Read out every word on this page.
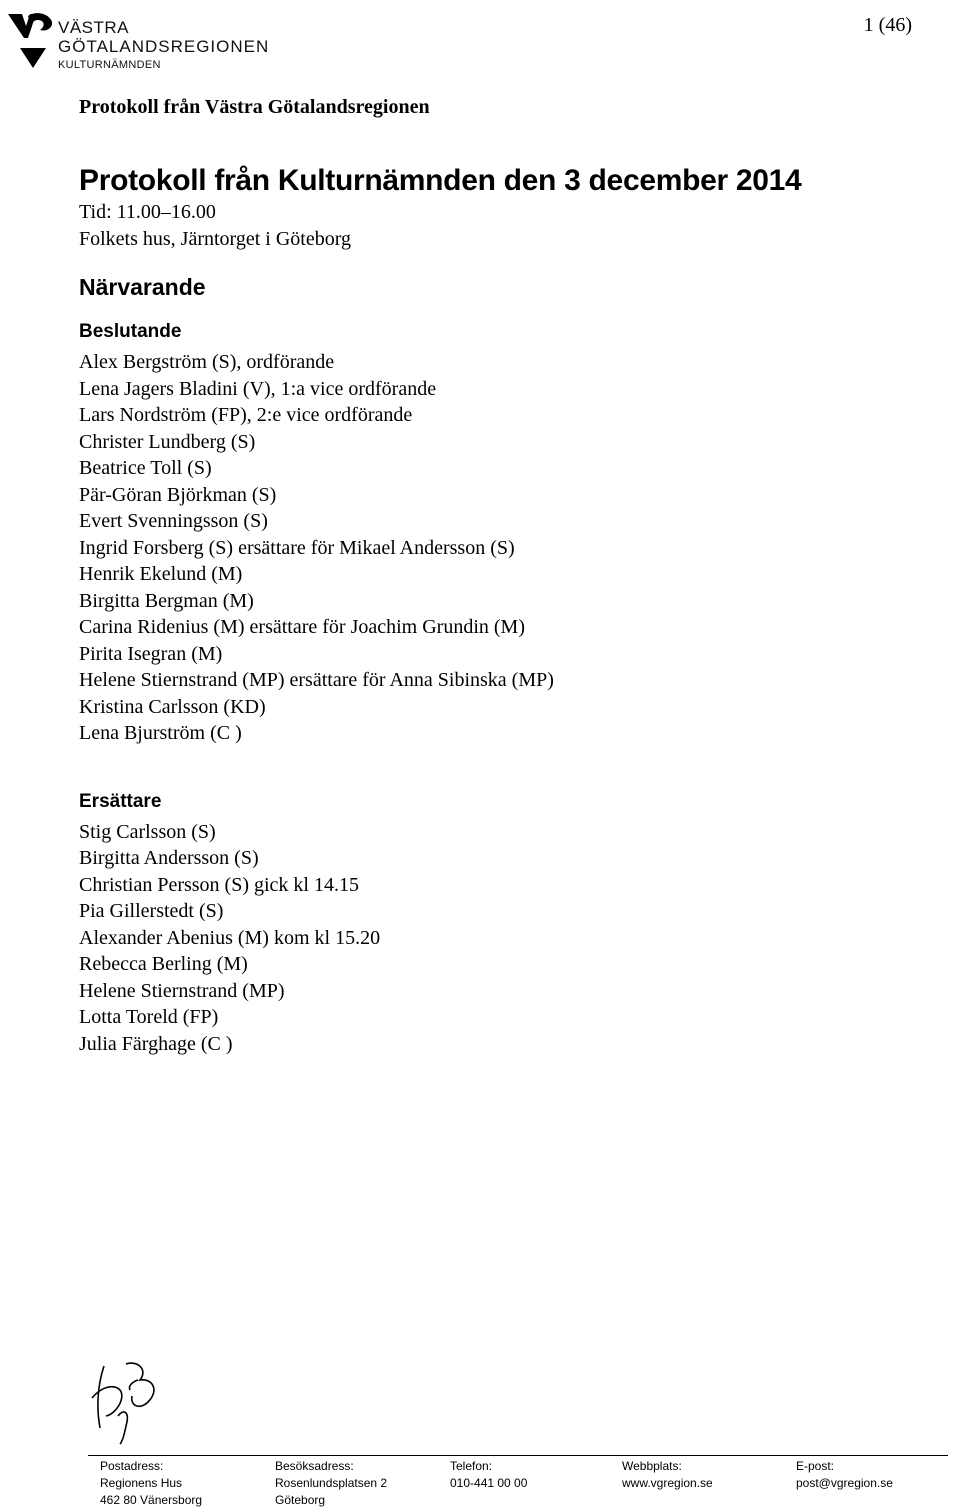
VÄSTRA
GÖTALANDSREGIONEN
KULTURNÄMNDEN
1 (46)
Protokoll från Västra Götalandsregionen
Protokoll från Kulturnämnden den 3 december 2014
Tid: 11.00–16.00
Folkets hus, Järntorget i Göteborg
Närvarande
Beslutande
Alex Bergström (S), ordförande
Lena Jagers Bladini (V), 1:a vice ordförande
Lars Nordström (FP), 2:e vice ordförande
Christer Lundberg (S)
Beatrice Toll (S)
Pär-Göran Björkman (S)
Evert Svenningsson (S)
Ingrid Forsberg (S) ersättare för Mikael Andersson (S)
Henrik Ekelund (M)
Birgitta Bergman (M)
Carina Ridenius (M) ersättare för Joachim Grundin (M)
Pirita Isegran (M)
Helene Stiernstrand (MP) ersättare för Anna Sibinska (MP)
Kristina Carlsson (KD)
Lena Bjurström (C )
Ersättare
Stig Carlsson (S)
Birgitta Andersson (S)
Christian Persson (S) gick kl 14.15
Pia Gillerstedt (S)
Alexander Abenius (M) kom kl 15.20
Rebecca Berling (M)
Helene Stiernstrand (MP)
Lotta Toreld (FP)
Julia Färghage (C )
Postadress:
Regionens Hus
462 80 Vänersborg
Besöksadress:
Rosenlundsplatsen 2
Göteborg
Telefon:
010-441 00 00
Webbplats:
www.vgregion.se
E-post:
post@vgregion.se
